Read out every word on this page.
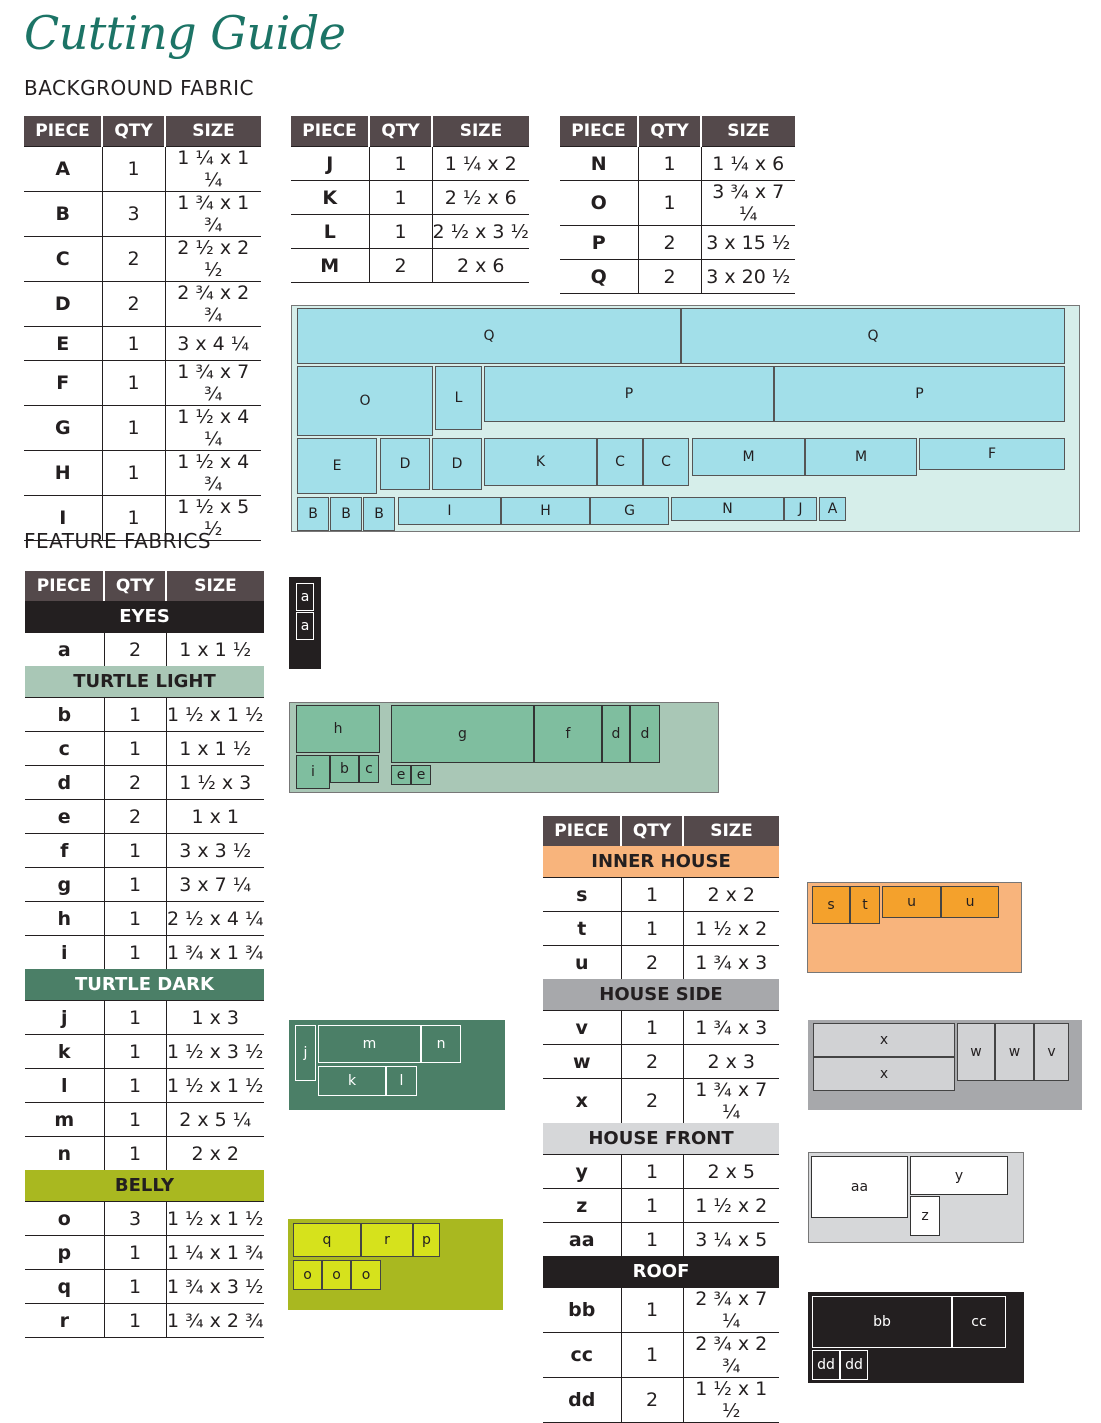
Cutting Guide
BACKGROUND FABRIC
FEATURE FABRICS
PIECE	QTY	SIZE
A	1	1 ¼ x 1 ¼
B	3	1 ¾ x 1 ¾
C	2	2 ½ x 2 ½
D	2	2 ¾ x 2 ¾
E	1	3 x 4 ¼
F	1	1 ¾ x 7 ¾
G	1	1 ½ x 4 ¼
H	1	1 ½ x 4 ¾
I	1	1 ½ x 5 ½
PIECE	QTY	SIZE
J	1	1 ¼ x 2
K	1	2 ½ x 6
L	1	2 ½ x 3 ½
M	2	2 x 6
PIECE	QTY	SIZE
N	1	1 ¼ x 6
O	1	3 ¾ x 7 ¼
P	2	3 x 15 ½
Q	2	3 x 20 ½
PIECE	QTY	SIZE
EYES		
a	2	1 x 1 ½
TURTLE LIGHT		
b	1	1 ½ x 1 ½
c	1	1 x 1 ½
d	2	1 ½ x 3
e	2	1 x 1
f	1	3 x 3 ½
g	1	3 x 7 ¼
h	1	2 ½ x 4 ¼
i	1	1 ¾ x 1 ¾
TURTLE DARK		
j	1	1 x 3
k	1	1 ½ x 3 ½
l	1	1 ½ x 1 ½
m	1	2 x 5 ¼
n	1	2 x 2
BELLY		
o	3	1 ½ x 1 ½
p	1	1 ¼ x 1 ¾
q	1	1 ¾ x 3 ½
r	1	1 ¾ x 2 ¾
PIECE	QTY	SIZE
INNER HOUSE		
s	1	2 x 2
t	1	1 ½ x 2
u	2	1 ¾ x 3
HOUSE SIDE		
v	1	1 ¾ x 3
w	2	2 x 3
x	2	1 ¾ x 7 ¼
HOUSE FRONT		
y	1	2 x 5
z	1	1 ½ x 2
aa	1	3 ¼ x 5
ROOF		
bb	1	2 ¾ x 7 ¼
cc	1	2 ¾ x 2 ¾
dd	2	1 ½ x 1 ½
Q	Q
O	L	P	P
E	D	D	K	C	C	M	M	F
B	B	B	I	H	G	N	J	A
a
a
h	g	f	d	d
i	b	c	e e
j
m	n
k	l
q	r	p
o	o	o
s	t	u	u
x
x
w	w	v
aa
y
z
bb	cc
dd dd
